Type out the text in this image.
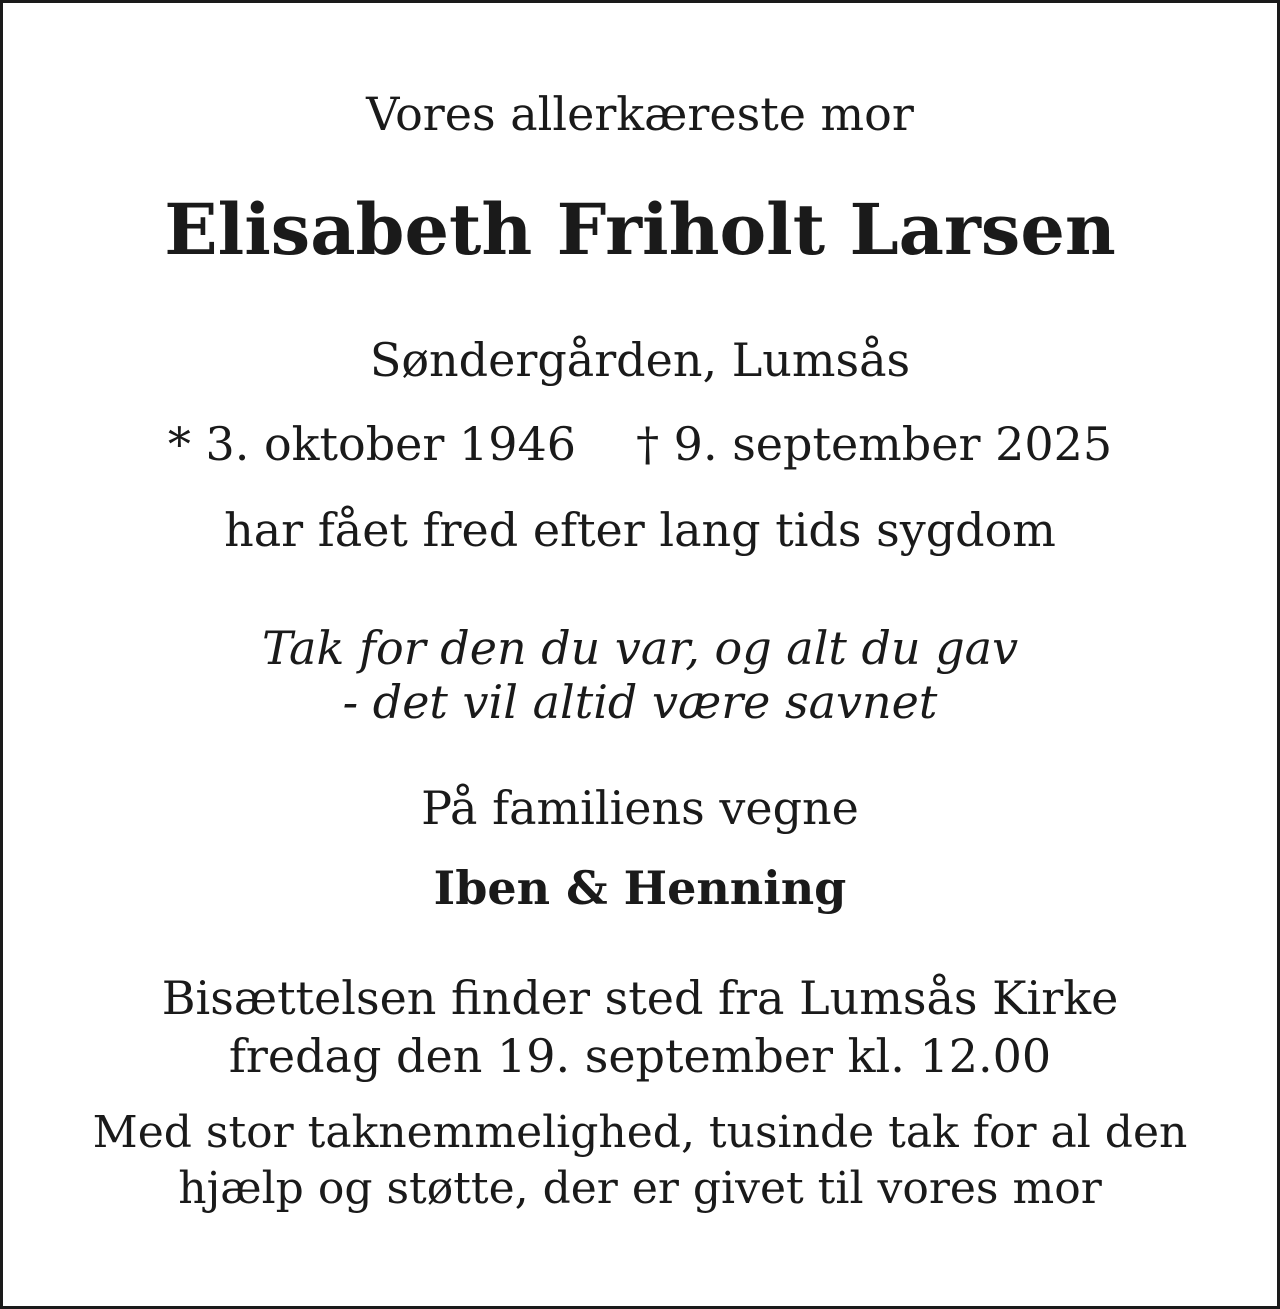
Vores allerkæreste mor
Elisabeth Friholt Larsen
Søndergården, Lumsås
* 3. oktober 1946 † 9. september 2025
har fået fred efter lang tids sygdom
Tak for den du var, og alt du gav
- det vil altid være savnet
På familiens vegne
Iben & Henning
Bisættelsen finder sted fra Lumsås Kirke
fredag den 19. september kl. 12.00
Med stor taknemmelighed, tusinde tak for al den
hjælp og støtte, der er givet til vores mor
